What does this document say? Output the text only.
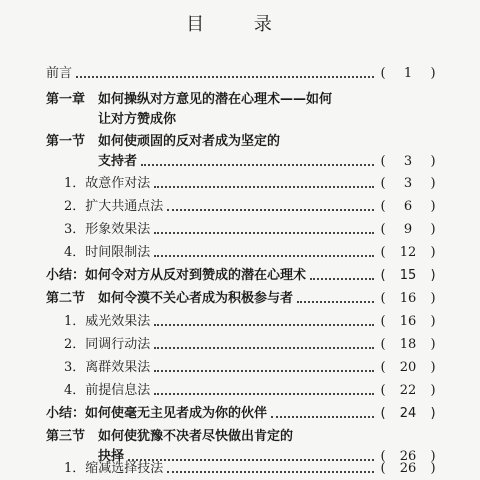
目 录
前言	(	1	)
第一章 如何操纵对方意见的潜在心理术——如何
让对方赞成你
第一节 如何使顽固的反对者成为坚定的
支持者	(	3	)
1．故意作对法	(	3	)
2．扩大共通点法	(	6	)
3．形象效果法	(	9	)
4．时间限制法	(	12	)
小结：如何令对方从反对到赞成的潜在心理术	(	15	)
第二节 如何令漠不关心者成为积极参与者	(	16	)
1．威光效果法	(	16	)
2．同调行动法	(	18	)
3．离群效果法	(	20	)
4．前提信息法	(	22	)
小结：如何使毫无主见者成为你的伙伴	(	24	)
第三节 如何使犹豫不决者尽快做出肯定的
抉择	(	26	)
1．缩减选择技法	(	26	)
